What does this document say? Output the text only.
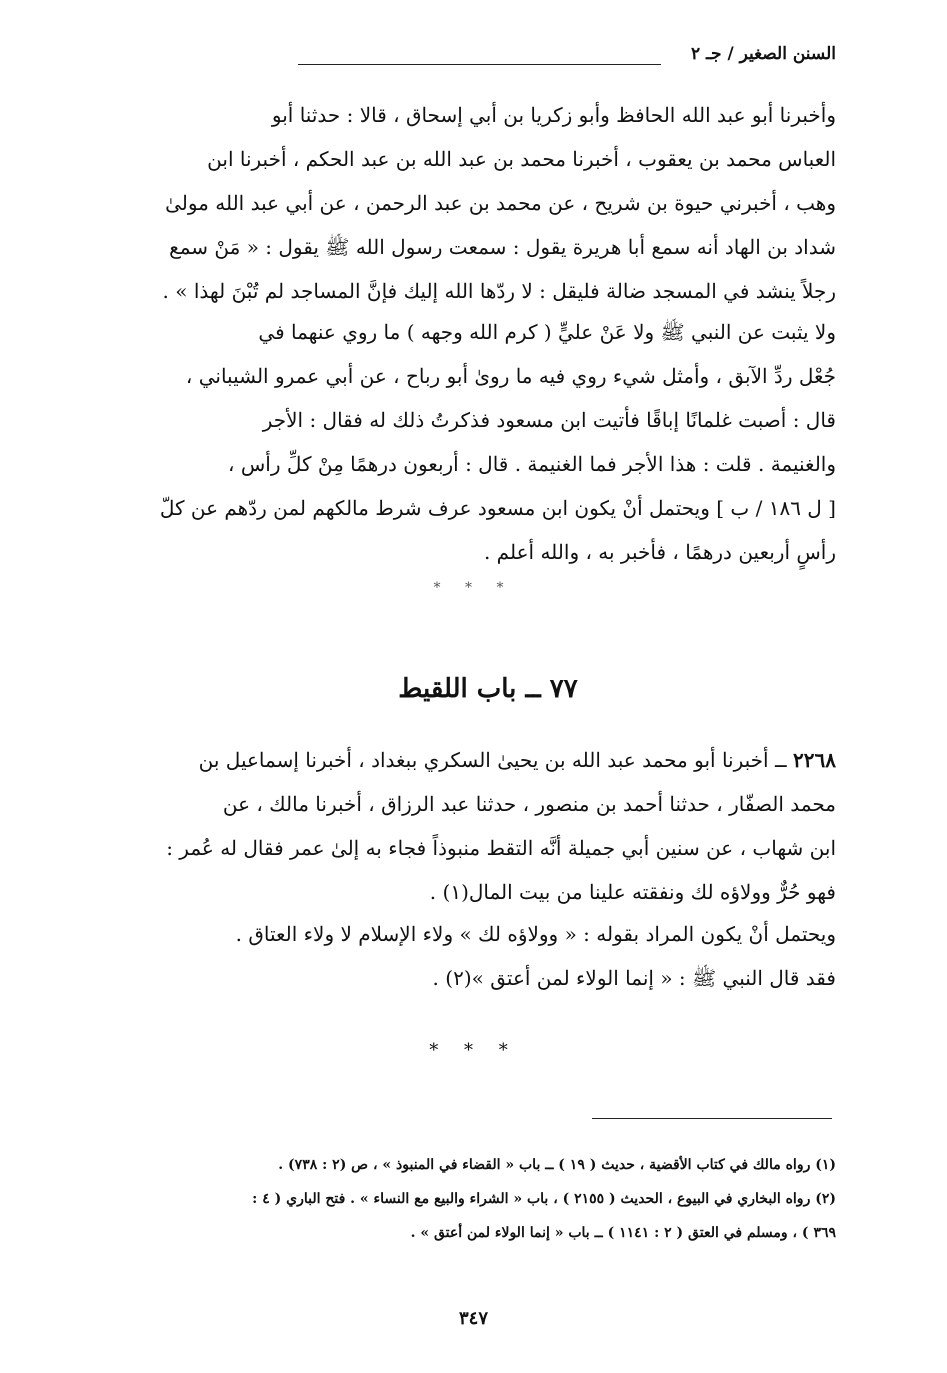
السنن الصغير / جـ ٢
وأخبرنا أبو عبد الله الحافظ وأبو زكريا بن أبي إسحاق ، قالا : حدثنا أبو
العباس محمد بن يعقوب ، أخبرنا محمد بن عبد الله بن عبد الحكم ، أخبرنا ابن
وهب ، أخبرني حيوة بن شريح ، عن محمد بن عبد الرحمن ، عن أبي عبد الله مولىٰ
شداد بن الهاد أنه سمع أبا هريرة يقول : سمعت رسول الله ﷺ يقول : « مَنْ سمع
رجلاً ينشد في المسجد ضالة فليقل : لا ردّها الله إليك فإنَّ المساجد لم تُبْنَ لهذا » .
ولا يثبت عن النبي ﷺ ولا عَنْ عليٍّ ( كرم الله وجهه ) ما روي عنهما في
جُعْل ردِّ الآبق ، وأمثل شيء روي فيه ما روىٰ أبو رباح ، عن أبي عمرو الشيباني ،
قال : أصبت غلمانًا إباقًا فأتيت ابن مسعود فذكرتُ ذلك له فقال : الأجر
والغنيمة . قلت : هذا الأجر فما الغنيمة . قال : أربعون درهمًا مِنْ كلِّ رأس ،
[ ل ١٨٦ / ب ] ويحتمل أنْ يكون ابن مسعود عرف شرط مالكهم لمن ردّهم عن كلّ
رأسٍ أربعين درهمًا ، فأخبر به ، والله أعلم .
* * *
٧٧ ــ باب اللقيط
٢٢٦٨ ــ أخبرنا أبو محمد عبد الله بن يحيىٰ السكري ببغداد ، أخبرنا إسماعيل بن
محمد الصفّار ، حدثنا أحمد بن منصور ، حدثنا عبد الرزاق ، أخبرنا مالك ، عن
ابن شهاب ، عن سنين أبي جميلة أنَّه التقط منبوذاً فجاء به إلىٰ عمر فقال له عُمر :
فهو حُرٌّ وولاؤه لك ونفقته علينا من بيت المال(١) .
ويحتمل أنْ يكون المراد بقوله : « وولاؤه لك » ولاء الإسلام لا ولاء العتاق .
فقد قال النبي ﷺ : « إنما الولاء لمن أعتق »(٢) .
* * *
(١) رواه مالك في كتاب الأقضية ، حديث ( ١٩ ) ــ باب « القضاء في المنبوذ » ، ص (٢ : ٧٣٨) .
(٢) رواه البخاري في البيوع ، الحديث ( ٢١٥٥ ) ، باب « الشراء والبيع مع النساء » . فتح الباري ( ٤ :
٣٦٩ ) ، ومسلم في العتق ( ٢ : ١١٤١ ) ــ باب « إنما الولاء لمن أعتق » .
٣٤٧
